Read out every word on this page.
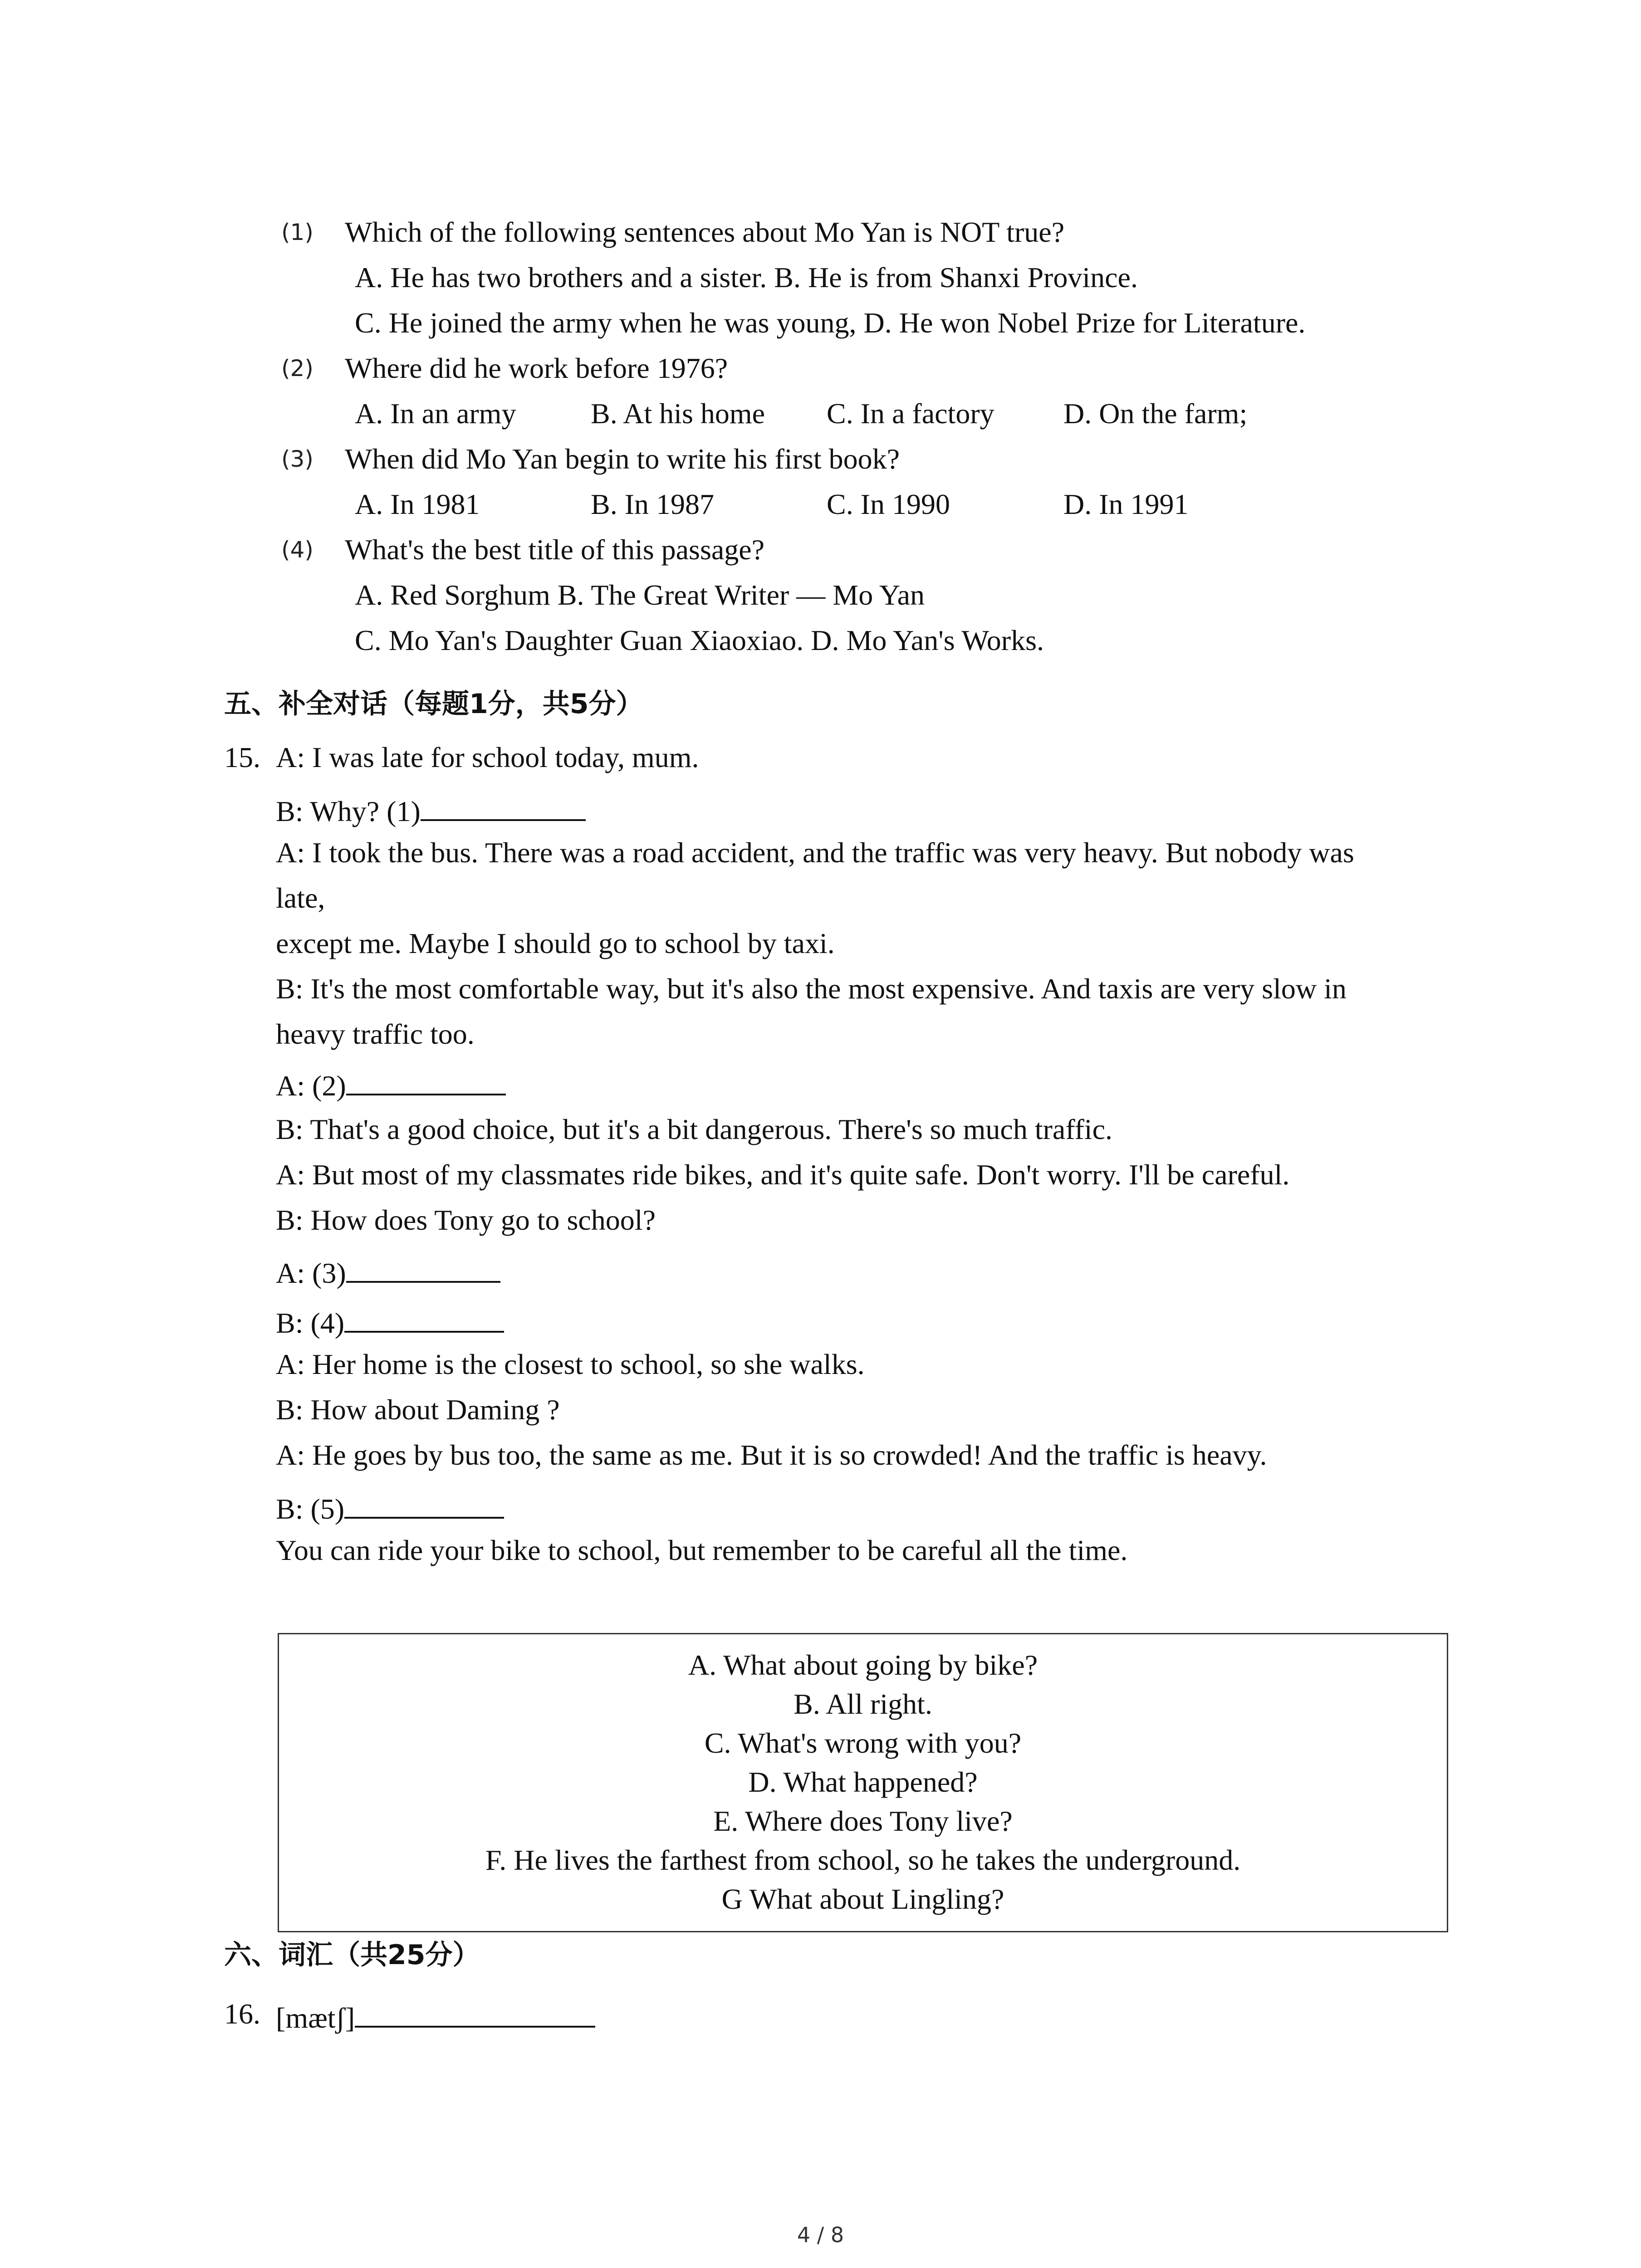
(1) Which of the following sentences about Mo Yan is NOT true?
A. He has two brothers and a sister. B. He is from Shanxi Province.
C. He joined the army when he was young, D. He won Nobel Prize for Literature.
(2) Where did he work before 1976?
A. In an army	B. At his home C. In a factory D. On the farm;
(3) When did Mo Yan begin to write his first book?
A. In 1981	B. In 1987	C. In 1990	D. In 1991
(4) What's the best title of this passage?
A. Red Sorghum B. The Great Writer — Mo Yan
C. Mo Yan's Daughter Guan Xiaoxiao. D. Mo Yan's Works.
五、补全对话（每题1分，共5分）
15. A: I was late for school today, mum.
B: Why? (1)
A: I took the bus. There was a road accident, and the traffic was very heavy. But nobody was
late,
except me. Maybe I should go to school by taxi.
B: It's the most comfortable way, but it's also the most expensive. And taxis are very slow in
heavy traffic too.
A: (2)
B: That's a good choice, but it's a bit dangerous. There's so much traffic.
A: But most of my classmates ride bikes, and it's quite safe. Don't worry. I'll be careful.
B: How does Tony go to school?
A: (3)
B: (4)
A: Her home is the closest to school, so she walks.
B: How about Daming ?
A: He goes by bus too, the same as me. But it is so crowded! And the traffic is heavy.
B: (5)
You can ride your bike to school, but remember to be careful all the time.
A. What about going by bike?
B. All right.
C. What's wrong with you?
D. What happened?
E. Where does Tony live?
F. He lives the farthest from school, so he takes the underground.
G What about Lingling?
六、词汇（共25分）
16. [mætʃ]
4 / 8
